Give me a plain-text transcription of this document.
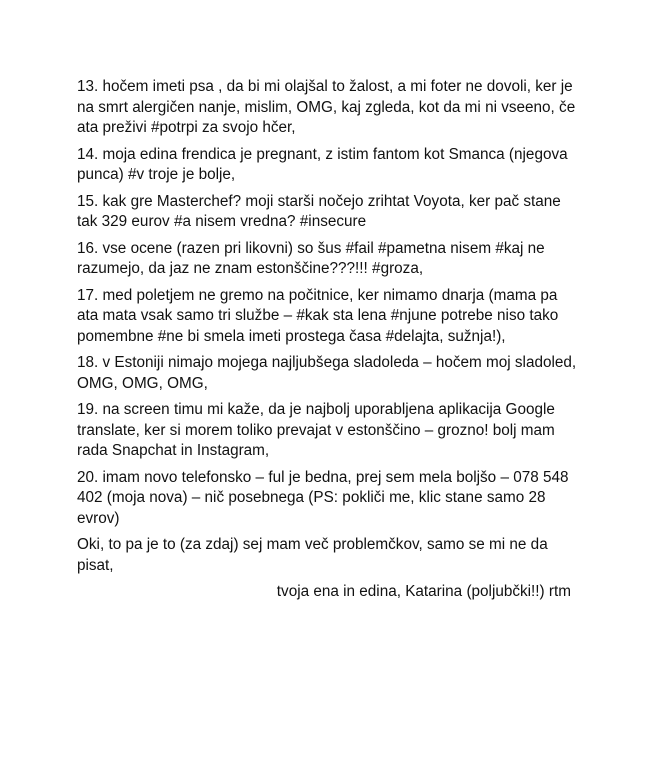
13. hočem imeti psa , da bi mi olajšal to žalost, a mi foter ne dovoli, ker je na smrt alergičen nanje, mislim, OMG, kaj zgleda, kot da mi ni vseeno, če ata preživi #potrpi za svojo hčer,

14. moja edina frendica je pregnant, z istim fantom kot Smanca (njegova punca) #v troje je bolje,

15. kak gre Masterchef? moji starši nočejo zrihtat Voyota, ker pač stane tak 329 eurov #a nisem vredna? #insecure

16. vse ocene (razen pri likovni) so šus #fail #pametna nisem #kaj ne razumejo, da jaz ne znam estonščine???!!! #groza,

17. med poletjem ne gremo na počitnice, ker nimamo dnarja (mama pa ata mata vsak samo tri službe – #kak sta lena #njune potrebe niso tako pomembne #ne bi smela imeti prostega časa #delajta, sužnja!),

18. v Estoniji nimajo mojega najljubšega sladoleda – hočem moj sladoled, OMG, OMG, OMG,

19. na screen timu mi kaže, da je najbolj uporabljena aplikacija Google translate, ker si morem toliko prevajat v estonščino – grozno! bolj mam rada Snapchat in Instagram,

20. imam novo telefonsko – ful je bedna, prej sem mela boljšo – 078 548 402 (moja nova) – nič posebnega (PS: pokliči me, klic stane samo 28 evrov)

Oki, to pa je to (za zdaj) sej mam več problemčkov, samo se mi ne da pisat,

tvoja ena in edina, Katarina (poljubčki!!) rtm
